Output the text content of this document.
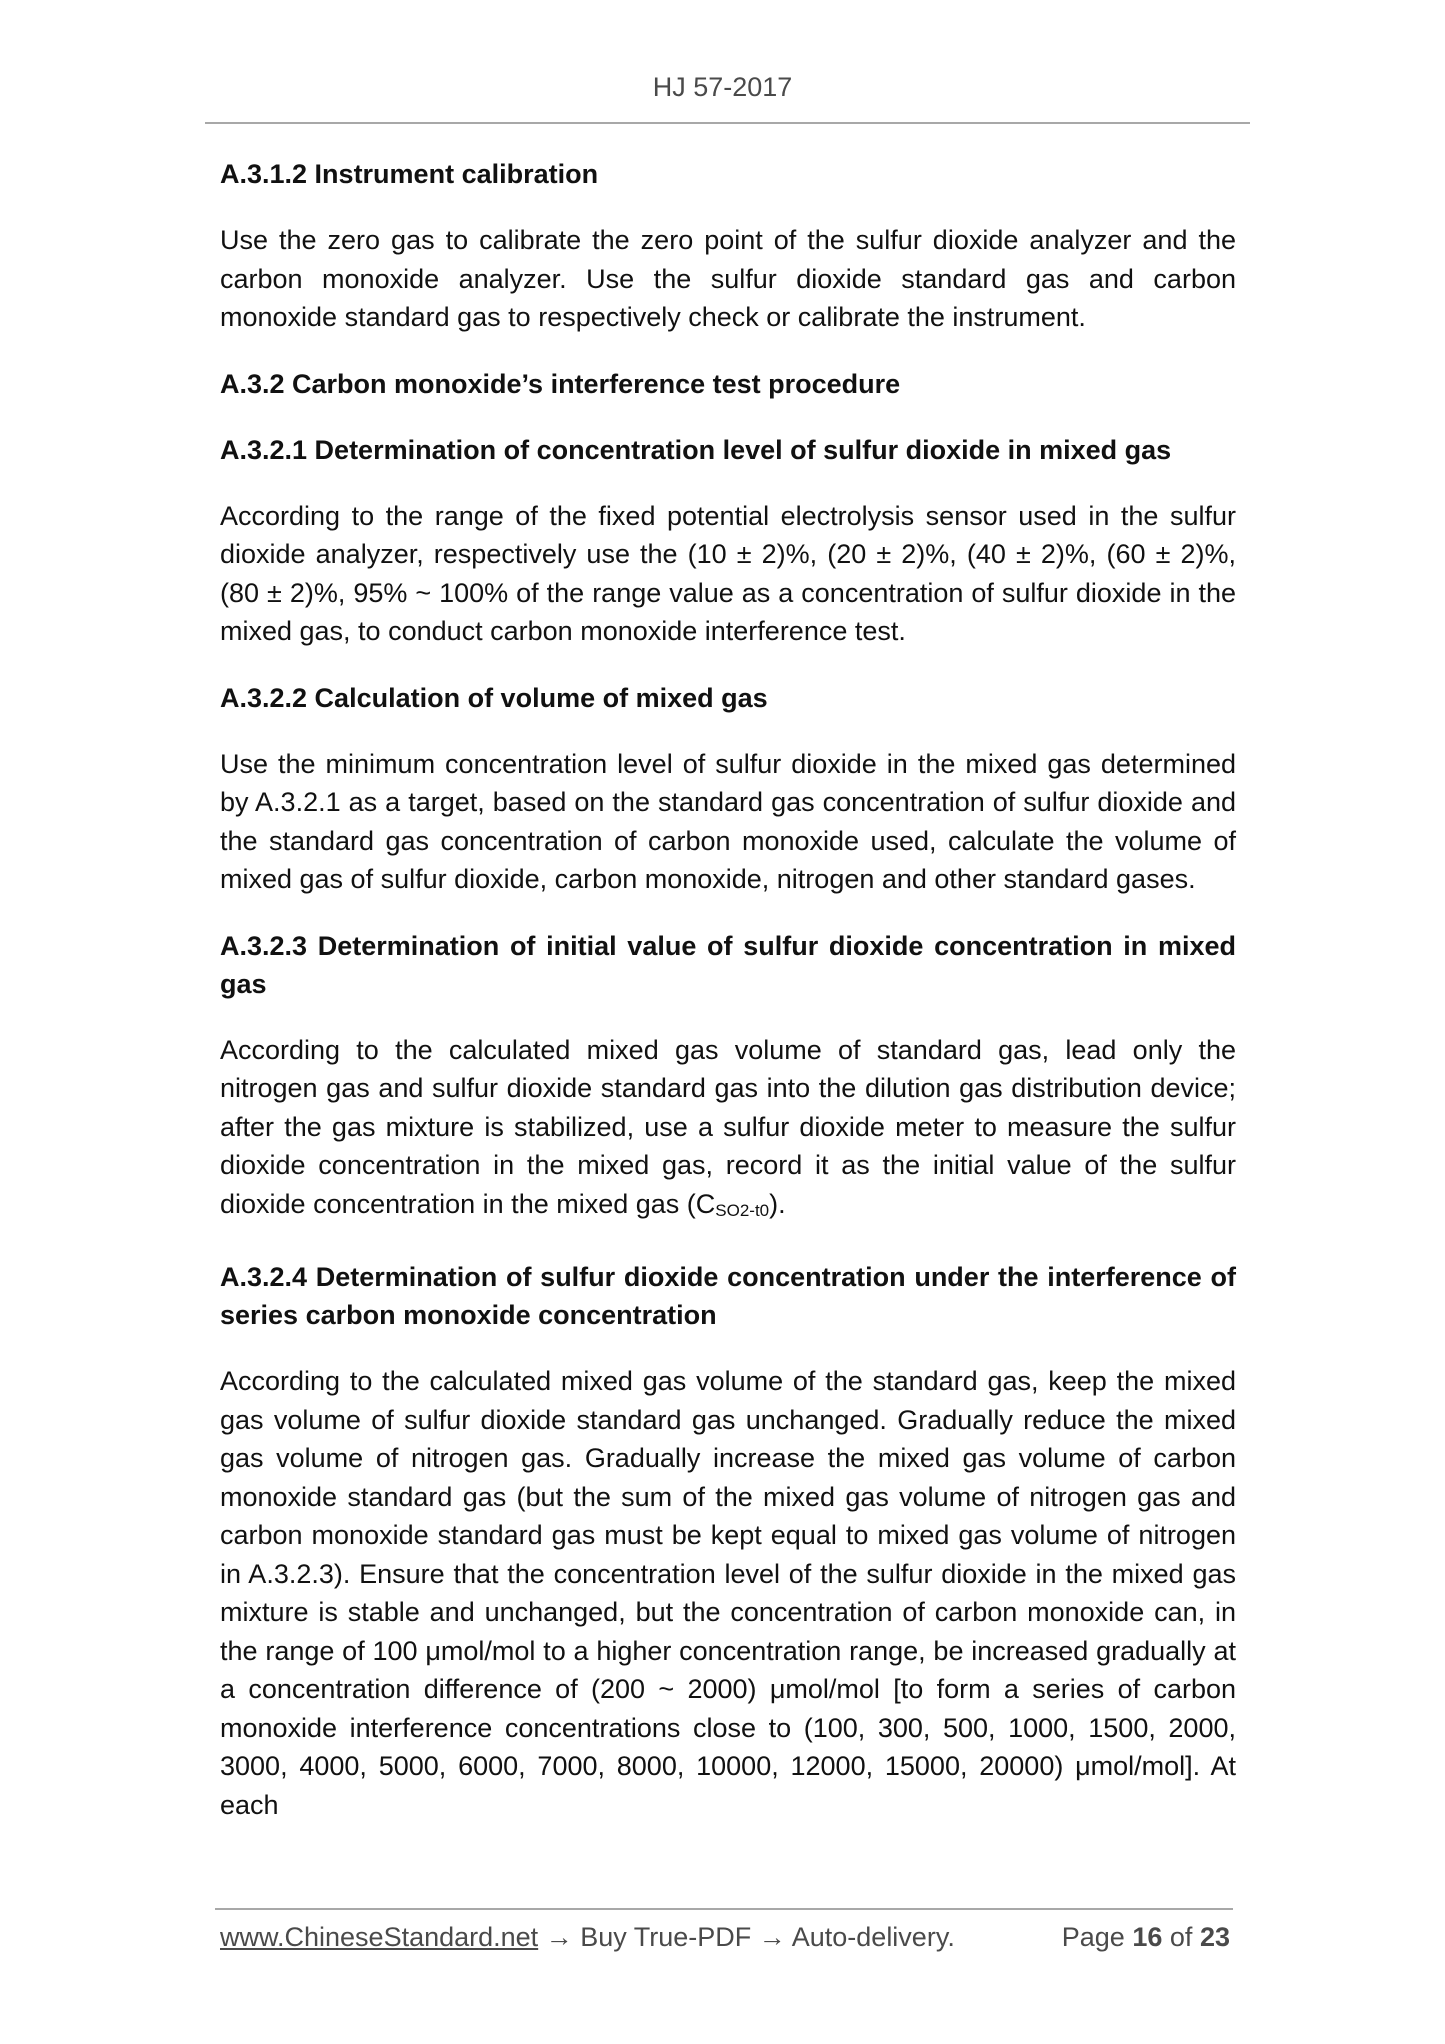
HJ 57-2017
A.3.1.2 Instrument calibration

Use the zero gas to calibrate the zero point of the sulfur dioxide analyzer and the carbon monoxide analyzer. Use the sulfur dioxide standard gas and carbon monoxide standard gas to respectively check or calibrate the instrument.

A.3.2 Carbon monoxide’s interference test procedure
A.3.2.1 Determination of concentration level of sulfur dioxide in mixed gas

According to the range of the fixed potential electrolysis sensor used in the sulfur dioxide analyzer, respectively use the (10 ± 2)%, (20 ± 2)%, (40 ± 2)%, (60 ± 2)%, (80 ± 2)%, 95% ~ 100% of the range value as a concentration of sulfur dioxide in the mixed gas, to conduct carbon monoxide interference test.

A.3.2.2 Calculation of volume of mixed gas

Use the minimum concentration level of sulfur dioxide in the mixed gas determined by A.3.2.1 as a target, based on the standard gas concentration of sulfur dioxide and the standard gas concentration of carbon monoxide used, calculate the volume of mixed gas of sulfur dioxide, carbon monoxide, nitrogen and other standard gases.

A.3.2.3 Determination of initial value of sulfur dioxide concentration in mixed gas

According to the calculated mixed gas volume of standard gas, lead only the nitrogen gas and sulfur dioxide standard gas into the dilution gas distribution device; after the gas mixture is stabilized, use a sulfur dioxide meter to measure the sulfur dioxide concentration in the mixed gas, record it as the initial value of the sulfur dioxide concentration in the mixed gas $(C_{SO2-t0})$.

A.3.2.4 Determination of sulfur dioxide concentration under the interference of series carbon monoxide concentration

According to the calculated mixed gas volume of the standard gas, keep the mixed gas volume of sulfur dioxide standard gas unchanged. Gradually reduce the mixed gas volume of nitrogen gas. Gradually increase the mixed gas volume of carbon monoxide standard gas (but the sum of the mixed gas volume of nitrogen gas and carbon monoxide standard gas must be kept equal to mixed gas volume of nitrogen in A.3.2.3). Ensure that the concentration level of the sulfur dioxide in the mixed gas mixture is stable and unchanged, but the concentration of carbon monoxide can, in the range of 100 μmol/mol to a higher concentration range, be increased gradually at a concentration difference of (200 ~ 2000) μmol/mol [to form a series of carbon monoxide interference concentrations close to (100, 300, 500, 1000, 1500, 2000, 3000, 4000, 5000, 6000, 7000, 8000, 10000, 12000, 15000, 20000) μmol/mol]. At each

www.ChineseStandard.net → Buy True-PDF → Auto-delivery.	Page 16 of 23
